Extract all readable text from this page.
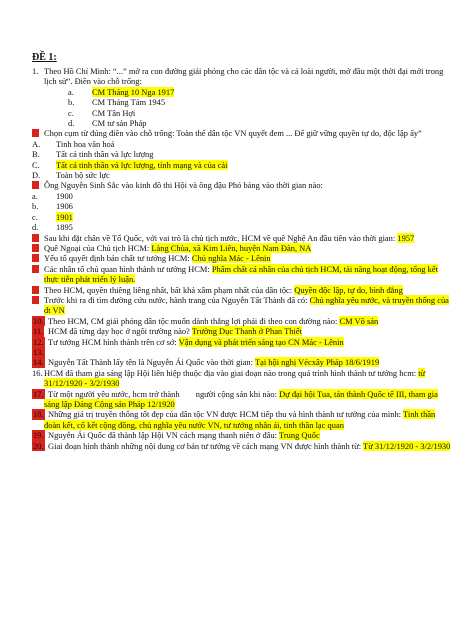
ĐỀ 1:
1. Theo Hồ Chí Minh: “...” mở ra con đường giải phóng cho các dân tộc và cả loài người, mở đầu một thời đại mới trong lịch sử”. Điền vào chỗ trống:
a. CM Tháng 10 Nga 1917
b. CM Tháng Tám 1945
c. CM Tân Hợi
d. CM tư sản Pháp
Chọn cụm từ đúng điền vào chỗ trống: Toàn thể dân tộc VN quyết đem ... Để giữ vững quyền tự do, độc lập ấy”
A. Tinh hoa văn hoá
B. Tất cả tinh thần và lực lượng
C. Tất cả tinh thần và lực lượng, tính mạng và của cải
D. Toàn bộ sức lực
Ông Nguyễn Sinh Sắc vào kinh đô thi Hội và ông đậu Phó bảng vào thời gian nào:
a. 1900
b. 1906
c. 1901
d. 1895
Sau khi đặt chân về Tổ Quốc, với vai trò là chủ tịch nước, HCM về quê Nghệ An đầu tiên vào thời gian: 1957
Quê Ngoại của Chủ tịch HCM: Làng Chùa, xã Kim Liên, huyện Nam Đàn, NA
Yếu tố quyết định bản chất tư tưởng HCM: Chủ nghĩa Mác - Lênin
Các nhân tố chủ quan hình thành tư tưởng HCM: Phẩm chất cá nhân của chủ tịch HCM, tài năng hoạt động, tổng kết thực tiễn phát triển lý luận.
Theo HCM, quyền thiêng liêng nhất, bất khả xâm phạm nhất của dân tộc: Quyền độc lập, tự do, bình đẳng
Trước khi ra đi tìm đường cứu nước, hành trang của Nguyễn Tất Thành đã có: Chủ nghĩa yêu nước, và truyền thống của dt VN
10. Theo HCM, CM giải phóng dân tộc muốn dành thắng lợi phải đi theo con đường nào: CM Vô sản
11. HCM đã từng dạy học ở ngôi trường nào? Trường Dục Thanh ở Phan Thiết
12. Tư tưởng HCM hình thành trên cơ sở: Vận dụng và phát triển sáng tạo CN Mác - Lênin
13.

14. Nguyễn Tất Thành lấy tên là Nguyễn Ái Quốc vào thời gian: Tại hội nghị Vécxây Pháp 18/6/1919
16. HCM đã tham gia sáng lập Hội liên hiệp thuộc địa vào giai đoạn nào trong quá trình hình thành tư tưởng hcm: từ 31/12/1920 - 3/2/1930
17. Từ một người yêu nước, hcm trở thành người cộng sản khi nào: Dự đại hội Tua, tán thành Quốc tế III, tham gia sáng lập Đảng Cộng sản Pháp 12/1920
18. Những giá trị truyền thống tốt đẹp của dân tộc VN được HCM tiếp thu và hình thành tư tưởng của mình: Tinh thần đoàn kết, cố kết cộng đồng, chủ nghĩa yêu nước VN, tư tưởng nhân ái, tinh thần lạc quan
19. Nguyễn Ái Quốc đã thành lập Hội VN cách mạng thanh niên ở đâu: Trung Quốc
20. Giai đoạn hình thành những nội dung cơ bản tư tưởng về cách mạng VN được hình thành từ: Từ 31/12/1920 - 3/2/1930
